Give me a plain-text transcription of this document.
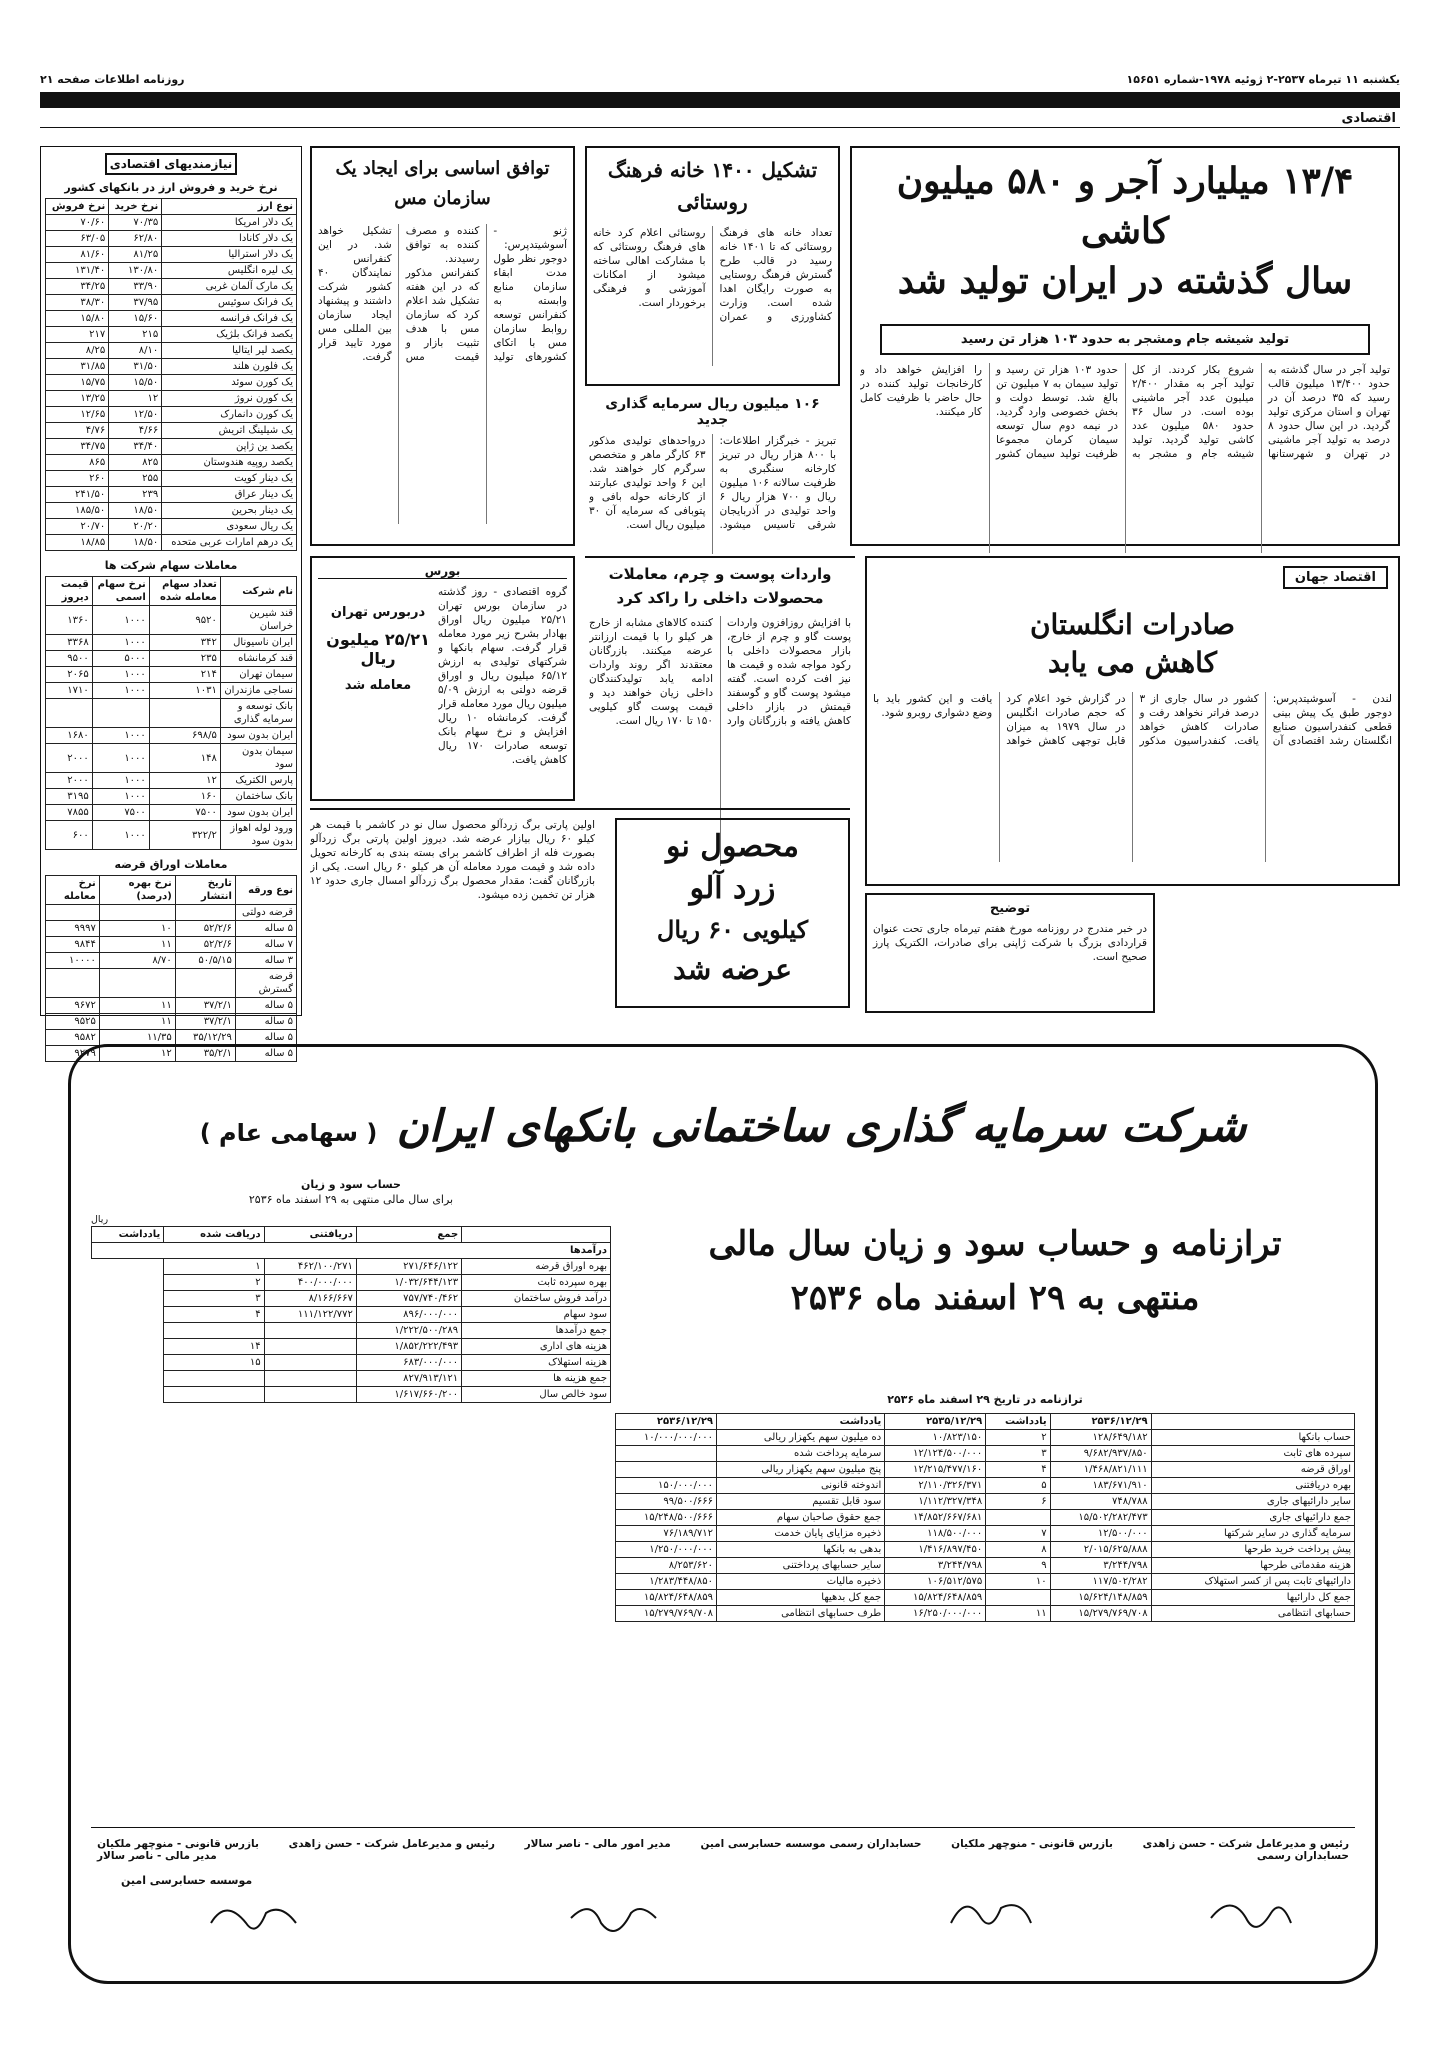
یکشنبه ۱۱ تیرماه ۲۵۳۷-۲ ژوئیه ۱۹۷۸-شماره ۱۵۶۵۱
روزنامه اطلاعات صفحه ۲۱
اقتصادی
۱۳/۴ میلیارد آجر و ۵۸۰ میلیون کاشی
سال گذشته در ایران تولید شد
تولید شیشه جام ومشجر به حدود ۱۰۳ هزار تن رسید
تولید آجر در سال گذشته به حدود ۱۳/۴۰۰ میلیون قالب رسید که ۳۵ درصد آن در تهران و استان مرکزی تولید گردید. در این سال حدود ۸ درصد به تولید آجر ماشینی در تهران و شهرستانها شروع بکار کردند. از کل تولید آجر به مقدار ۲/۴۰۰ میلیون عدد آجر ماشینی بوده است. در سال ۳۶ حدود ۵۸۰ میلیون عدد کاشی تولید گردید. تولید شیشه جام و مشجر به حدود ۱۰۳ هزار تن رسید و تولید سیمان به ۷ میلیون تن بالغ شد. توسط دولت و بخش خصوصی وارد گردید. در نیمه دوم سال توسعه سیمان کرمان مجموعا ظرفیت تولید سیمان کشور را افزایش خواهد داد و کارخانجات تولید کننده در حال حاضر با ظرفیت کامل کار میکنند.
تشکیل ۱۴۰۰ خانه فرهنگ روستائی
تعداد خانه های فرهنگ روستائی که تا ۱۴۰۱ خانه رسید در قالب طرح گسترش فرهنگ روستایی به صورت رایگان اهدا شده است. وزارت کشاورزی و عمران روستائی اعلام کرد خانه های فرهنگ روستائی که با مشارکت اهالی ساخته میشود از امکانات آموزشی و فرهنگی برخوردار است.
توافق اساسی برای ایجاد یک سازمان مس
ژنو - آسوشیتدپرس: دوجور نظر طول مدت ابقاء سازمان منابع وابسته به کنفرانس توسعه روابط سازمان مس با اتکای کشورهای تولید کننده و مصرف کننده به توافق رسیدند. کنفرانس مذکور که در این هفته تشکیل شد اعلام کرد که سازمان مس با هدف تثبیت بازار و قیمت مس تشکیل خواهد شد. در این کنفرانس نمایندگان ۴۰ کشور شرکت داشتند و پیشنهاد ایجاد سازمان بین المللی مس مورد تایید قرار گرفت.
۱۰۶ میلیون ریال سرمایه گذاری جدید
تبریز - خبرگزار اطلاعات: با ۸۰۰ هزار ریال در تبریز کارخانه سنگبری به ظرفیت سالانه ۱۰۶ میلیون ریال و ۷۰۰ هزار ریال ۶ واحد تولیدی در آذربایجان شرقی تاسیس میشود. درواحدهای تولیدی مذکور ۶۳ کارگر ماهر و متخصص سرگرم کار خواهند شد. این ۶ واحد تولیدی عبارتند از کارخانه حوله بافی و پتوبافی که سرمایه آن ۳۰ میلیون ریال است.
واردات پوست و چرم، معاملات محصولات داخلی را راکد کرد
با افزایش روزافزون واردات پوست گاو و چرم از خارج، بازار محصولات داخلی با رکود مواجه شده و قیمت ها نیز افت کرده است. گفته میشود پوست گاو و گوسفند قیمتش در بازار داخلی کاهش یافته و بازرگانان وارد کننده کالاهای مشابه از خارج هر کیلو را با قیمت ارزانتر عرضه میکنند. بازرگانان معتقدند اگر روند واردات ادامه یابد تولیدکنندگان داخلی زیان خواهند دید و قیمت پوست گاو کیلویی ۱۵۰ تا ۱۷۰ ریال است.
بورس
دربورس تهران
۲۵/۲۱ میلیون ریال
معامله شد
گروه اقتصادی - روز گذشته در سازمان بورس تهران ۲۵/۲۱ میلیون ریال اوراق بهادار بشرح زیر مورد معامله قرار گرفت. سهام بانکها و شرکتهای تولیدی به ارزش ۶۵/۱۲ میلیون ریال و اوراق قرضه دولتی به ارزش ۵/۰۹ میلیون ریال مورد معامله قرار گرفت. کرمانشاه ۱۰ ریال افزایش و نرخ سهام بانک توسعه صادرات ۱۷۰ ریال کاهش یافت.
محصول نو
زرد آلو
کیلویی ۶۰ ریال
عرضه شد
اولین پارتی برگ زردآلو محصول سال نو در کاشمر با قیمت هر کیلو ۶۰ ریال بیازار عرضه شد. دیروز اولین پارتی برگ زردآلو بصورت فله از اطراف کاشمر برای بسته بندی به کارخانه تحویل داده شد و قیمت مورد معامله آن هر کیلو ۶۰ ریال است. یکی از بازرگانان گفت: مقدار محصول برگ زردآلو امسال جاری حدود ۱۲ هزار تن تخمین زده میشود.
اقتصاد جهان
صادرات انگلستان
کاهش می یابد
لندن - آسوشیتدپرس: دوجور طبق یک پیش بینی قطعی کنفدراسیون صنایع انگلستان رشد اقتصادی آن کشور در سال جاری از ۳ درصد فراتر نخواهد رفت و صادرات کاهش خواهد یافت. کنفدراسیون مذکور در گزارش خود اعلام کرد که حجم صادرات انگلیس در سال ۱۹۷۹ به میزان قابل توجهی کاهش خواهد یافت و این کشور باید با وضع دشواری روبرو شود.
توضیح
در خبر مندرج در روزنامه مورخ هفتم تیرماه جاری تحت عنوان قراردادی بزرگ با شرکت ژاپنی برای صادرات، الکتریک پارز صحیح است.
نیازمندیهای اقتصادی
نرخ خرید و فروش ارز در بانکهای کشور
نوع ارز	نرخ خرید	نرخ فروش
یک دلار امریکا	۷۰/۳۵	۷۰/۶۰
یک دلار کانادا	۶۲/۸۰	۶۳/۰۵
یک دلار استرالیا	۸۱/۲۵	۸۱/۶۰
یک لیره انگلیس	۱۳۰/۸۰	۱۳۱/۴۰
یک مارک آلمان غربی	۳۳/۹۰	۳۴/۲۵
یک فرانک سوئیس	۳۷/۹۵	۳۸/۳۰
یک فرانک فرانسه	۱۵/۶۰	۱۵/۸۰
یکصد فرانک بلژیک	۲۱۵	۲۱۷
یکصد لیر ایتالیا	۸/۱۰	۸/۲۵
یک فلورن هلند	۳۱/۵۰	۳۱/۸۵
یک کورن سوئد	۱۵/۵۰	۱۵/۷۵
یک کورن نروژ	۱۲	۱۳/۲۵
یک کورن دانمارک	۱۲/۵۰	۱۲/۶۵
یک شیلینگ اتریش	۴/۶۶	۴/۷۶
یکصد ین ژاپن	۳۴/۴۰	۳۴/۷۵
یکصد روپیه هندوستان	۸۲۵	۸۶۵
یک دینار کویت	۲۵۵	۲۶۰
یک دینار عراق	۲۳۹	۲۴۱/۵۰
یک دینار بحرین	۱۸/۵۰	۱۸۵/۵۰
یک ریال سعودی	۲۰/۲۰	۲۰/۷۰
یک درهم امارات عربی متحده	۱۸/۵۰	۱۸/۸۵
معاملات سهام شرکت ها
نام شرکت	تعداد سهام معامله شده	نرخ سهام اسمی	قیمت دیروز
قند شیرین خراسان	۹۵۲۰	۱۰۰۰	۱۳۶۰
ایران ناسیونال	۳۴۲	۱۰۰۰	۳۳۶۸
قند کرمانشاه	۲۳۵	۵۰۰۰	۹۵۰۰
سیمان تهران	۲۱۴	۱۰۰۰	۲۰۶۵
نساجی مازندران	۱۰۳۱	۱۰۰۰	۱۷۱۰
بانک توسعه و سرمایه گذاری			
ایران بدون سود	۶۹۸/۵	۱۰۰۰	۱۶۸۰
سیمان بدون سود	۱۴۸	۱۰۰۰	۲۰۰۰
پارس الکتریک	۱۲	۱۰۰۰	۲۰۰۰
بانک ساختمان	۱۶۰	۱۰۰۰	۳۱۹۵
ایران بدون سود	۷۵۰۰	۷۵۰۰	۷۸۵۵
ورود لوله اهواز بدون سود	۳۲۲/۲	۱۰۰۰	۶۰۰
معاملات اوراق قرضه
نوع ورقه	تاریخ انتشار	نرخ بهره (درصد)	نرخ معامله
قرضه دولتی			
۵ ساله	۵۲/۲/۶	۱۰	۹۹۹۷
۷ ساله	۵۲/۲/۶	۱۱	۹۸۴۴
۳ ساله	۵۰/۵/۱۵	۸/۷۰	۱۰۰۰۰
قرضه گسترش			
۵ ساله	۳۷/۲/۱	۱۱	۹۶۷۲
۵ ساله	۳۷/۲/۱	۱۱	۹۵۲۵
۵ ساله	۳۵/۱۲/۲۹	۱۱/۳۵	۹۵۸۲
۵ ساله	۳۵/۲/۱	۱۲	۹۲۷۹
شرکت سرمایه گذاری ساختمانی بانکهای ایران ( سهامی عام )
حساب سود و زیان
برای سال مالی منتهی به ۲۹ اسفند ماه ۲۵۳۶
ریال
	جمع	دریافتنی	دریافت شده	یادداشت
درآمدها				
بهره اوراق قرضه	۲۷۱/۶۴۶/۱۲۲	۴۶۲/۱۰۰/۲۷۱	۱	
بهره سپرده ثابت	۱/۰۳۲/۶۴۴/۱۲۳	۴۰۰/۰۰۰/۰۰۰	۲	
درآمد فروش ساختمان	۷۵۷/۷۴۰/۴۶۲	۸/۱۶۶/۶۶۷	۳	
سود سهام	۸۹۶/۰۰۰/۰۰۰	۱۱۱/۱۲۲/۷۷۲	۴	
جمع درآمدها	۱/۲۲۲/۵۰۰/۲۸۹			
هزینه های اداری	۱/۸۵۲/۲۲۲/۴۹۳		۱۴	
هزینه استهلاک	۶۸۳/۰۰۰/۰۰۰		۱۵	
جمع هزینه ها	۸۲۷/۹۱۳/۱۲۱			
سود خالص سال	۱/۶۱۷/۶۶۰/۲۰۰			
ترازنامه و حساب سود و زیان سال مالی
منتهی به ۲۹ اسفند ماه ۲۵۳۶
ترازنامه در تاریخ ۲۹ اسفند ماه ۲۵۳۶
	۲۵۳۶/۱۲/۲۹	یادداشت	۲۵۳۵/۱۲/۲۹	یادداشت	۲۵۳۶/۱۲/۲۹
حساب بانکها	۱۲۸/۶۴۹/۱۸۲	۲	۱۰/۸۲۳/۱۵۰	ده میلیون سهم یکهزار ریالی	۱۰/۰۰۰/۰۰۰/۰۰۰
سپرده های ثابت	۹/۶۸۲/۹۳۷/۸۵۰	۳	۱۲/۱۲۴/۵۰۰/۰۰۰	سرمایه پرداخت شده	
اوراق قرضه	۱/۴۶۸/۸۲۱/۱۱۱	۴	۱۲/۲۱۵/۴۷۷/۱۶۰	پنج میلیون سهم یکهزار ریالی	
بهره دریافتنی	۱۸۳/۶۷۱/۹۱۰	۵	۲/۱۱۰/۳۲۶/۳۷۱	اندوخته قانونی	۱۵۰/۰۰۰/۰۰۰
سایر دارائیهای جاری	۷۴۸/۷۸۸	۶	۱/۱۱۲/۳۲۷/۳۴۸	سود قابل تقسیم	۹۹/۵۰۰/۶۶۶
جمع دارائیهای جاری	۱۵/۵۰۲/۲۸۲/۴۷۳		۱۴/۸۵۲/۶۶۷/۶۸۱	جمع حقوق صاحبان سهام	۱۵/۲۴۸/۵۰۰/۶۶۶
سرمایه گذاری در سایر شرکتها	۱۲/۵۰۰/۰۰۰	۷	۱۱۸/۵۰۰/۰۰۰	ذخیره مزایای پایان خدمت	۷۶/۱۸۹/۷۱۲
پیش پرداخت خرید طرحها	۲/۰۱۵/۶۲۵/۸۸۸	۸	۱/۴۱۶/۸۹۷/۴۵۰	بدهی به بانکها	۱/۲۵۰/۰۰۰/۰۰۰
هزینه مقدماتی طرحها	۳/۲۴۴/۷۹۸	۹	۳/۲۴۴/۷۹۸	سایر حسابهای پرداختنی	۸/۲۵۳/۶۲۰
دارائیهای ثابت پس از کسر استهلاک	۱۱۷/۵۰۲/۲۸۲	۱۰	۱۰۶/۵۱۲/۵۷۵	ذخیره مالیات	۱/۲۸۳/۴۴۸/۸۵۰
جمع کل دارائیها	۱۵/۶۲۴/۱۴۸/۸۵۹		۱۵/۸۲۴/۶۴۸/۸۵۹	جمع کل بدهیها	۱۵/۸۲۴/۶۴۸/۸۵۹
حسابهای انتظامی	۱۵/۲۷۹/۷۶۹/۷۰۸	۱۱	۱۶/۲۵۰/۰۰۰/۰۰۰	طرف حسابهای انتظامی	۱۵/۲۷۹/۷۶۹/۷۰۸
رئیس و مدیرعامل شرکت - حسن زاهدی
بازرس قانونی - منوچهر ملکیان
حسابداران رسمی موسسه حسابرسی امین
مدیر امور مالی - ناصر سالار
رئیس و مدیرعامل شرکت - حسن زاهدی
بازرس قانونی - منوچهر ملکیان
حسابداران رسمی
مدیر مالی - ناصر سالار
موسسه حسابرسی امین
